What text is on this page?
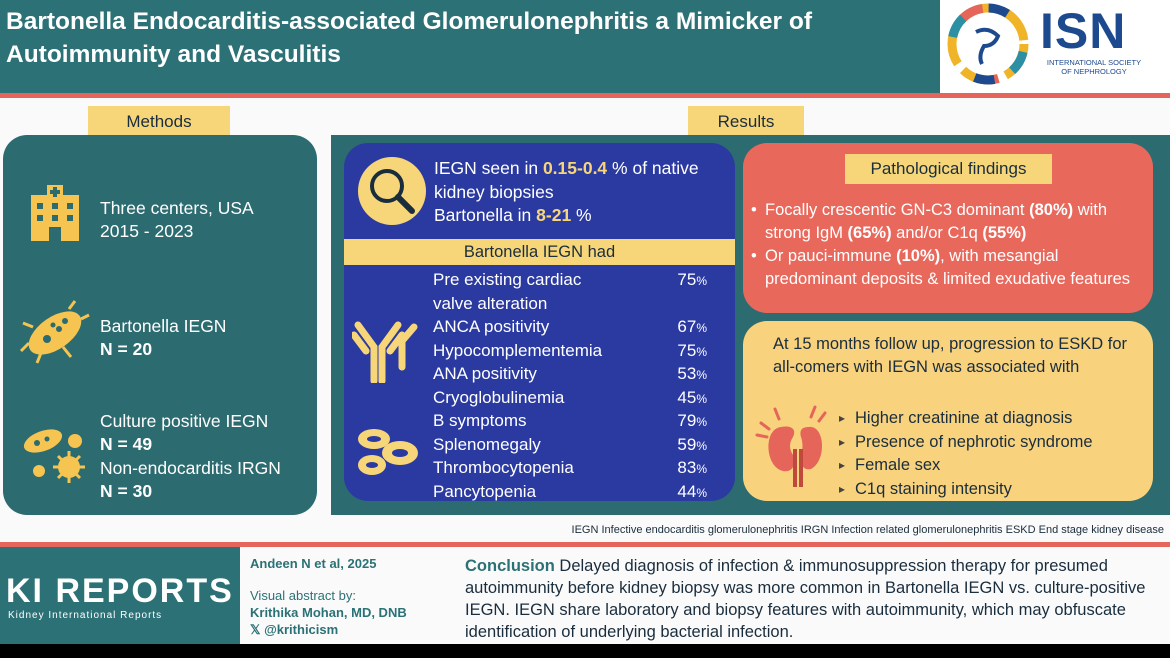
Bartonella Endocarditis-associated Glomerulonephritis a Mimicker of Autoimmunity and Vasculitis	ISN
INTERNATIONAL SOCIETY OF NEPHROLOGY
Methods	Results
Three centers, USA
2015 - 2023
Bartonella IEGN
N = 20
Culture positive IEGN
N = 49
Non-endocarditis IRGN
N = 30
IEGN seen in 0.15-0.4 % of native kidney biopsies
Bartonella in 8-21 %
Bartonella IEGN had
Pre existing cardiac	75%
valve alteration
ANCA positivity	67%
Hypocomplementemia	75%
ANA positivity	53%
Cryoglobulinemia	45%
B symptoms	79%
Splenomegaly	59%
Thrombocytopenia	83%
Pancytopenia	44%
Pathological findings
• Focally crescentic GN-C3 dominant (80%) with strong IgM (65%) and/or C1q (55%)
• Or pauci-immune (10%), with mesangial predominant deposits & limited exudative features
At 15 months follow up, progression to ESKD for all-comers with IEGN was associated with
▸ Higher creatinine at diagnosis
▸ Presence of nephrotic syndrome
▸ Female sex
▸ C1q staining intensity
IEGN Infective endocarditis glomerulonephritis IRGN Infection related glomerulonephritis ESKD End stage kidney disease
KI REPORTS
Kidney International Reports
Andeen N et al, 2025
Visual abstract by:
Krithika Mohan, MD, DNB
𝕏 @krithicism
Conclusion Delayed diagnosis of infection & immunosuppression therapy for presumed autoimmunity before kidney biopsy was more common in Bartonella IEGN vs. culture-positive IEGN. IEGN share laboratory and biopsy features with autoimmunity, which may obfuscate identification of underlying bacterial infection.
